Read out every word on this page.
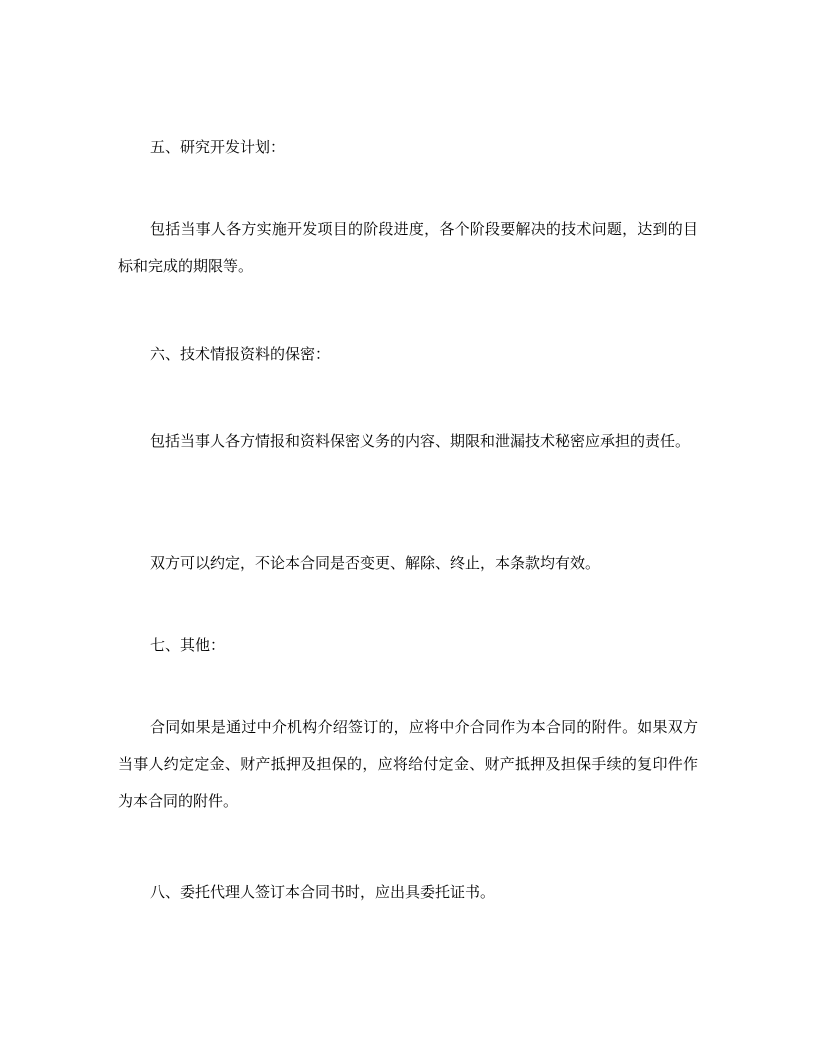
五、研究开发计划：

包括当事人各方实施开发项目的阶段进度，各个阶段要解决的技术问题，达到的目标和完成的期限等。

六、技术情报资料的保密：

包括当事人各方情报和资料保密义务的内容、期限和泄漏技术秘密应承担的责任。

双方可以约定，不论本合同是否变更、解除、终止，本条款均有效。

七、其他：

合同如果是通过中介机构介绍签订的，应将中介合同作为本合同的附件。如果双方当事人约定定金、财产抵押及担保的，应将给付定金、财产抵押及担保手续的复印件作为本合同的附件。

八、委托代理人签订本合同书时，应出具委托证书。
